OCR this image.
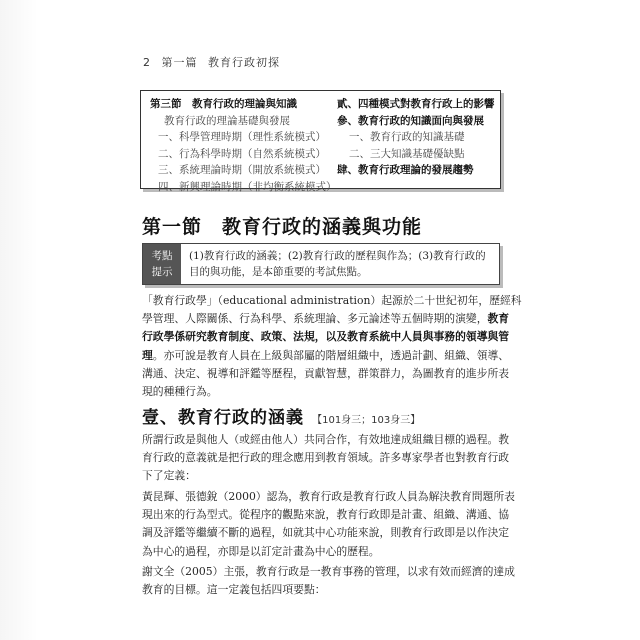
2 第一篇 教育行政初探
第三節　教育行政的理論與知識
教育行政的理論基礎與發展
一、科學管理時期（理性系統模式）
二、行為科學時期（自然系統模式）
三、系統理論時期（開放系統模式）
四、新興理論時期（非均衡系統模式）
貳、四種模式對教育行政上的影響
參、教育行政的知識面向與發展
一、教育行政的知識基礎
二、三大知識基礎優缺點
肆、教育行政理論的發展趨勢
第一節　教育行政的涵義與功能
考點
提示
(1)教育行政的涵義；(2)教育行政的歷程與作為；(3)教育行政的
目的與功能，是本節重要的考試焦點。
「教育行政學」（educational administration）起源於二十世紀初年，歷經科
學管理、人際關係、行為科學、系統理論、多元論述等五個時期的演變，教育
行政學係研究教育制度、政策、法規，以及教育系統中人員與事務的領導與管
理。亦可說是教育人員在上級與部屬的階層組織中，透過計劃、組織、領導、
溝通、決定、視導和評鑑等歷程，貢獻智慧，群策群力，為圖教育的進步所表
現的種種行為。
壹、教育行政的涵義 【101身三；103身三】
所謂行政是與他人（或經由他人）共同合作，有效地達成組織目標的過程。教
育行政的意義就是把行政的理念應用到教育領域。許多專家學者也對教育行政
下了定義：
黃昆輝、張德銳（2000）認為，教育行政是教育行政人員為解決教育問題所表
現出來的行為型式。從程序的觀點來說，教育行政即是計畫、組織、溝通、協
調及評鑑等繼續不斷的過程，如就其中心功能來說，則教育行政即是以作決定
為中心的過程，亦即是以訂定計畫為中心的歷程。
謝文全（2005）主張，教育行政是一教育事務的管理，以求有效而經濟的達成
教育的目標。這一定義包括四項要點：
